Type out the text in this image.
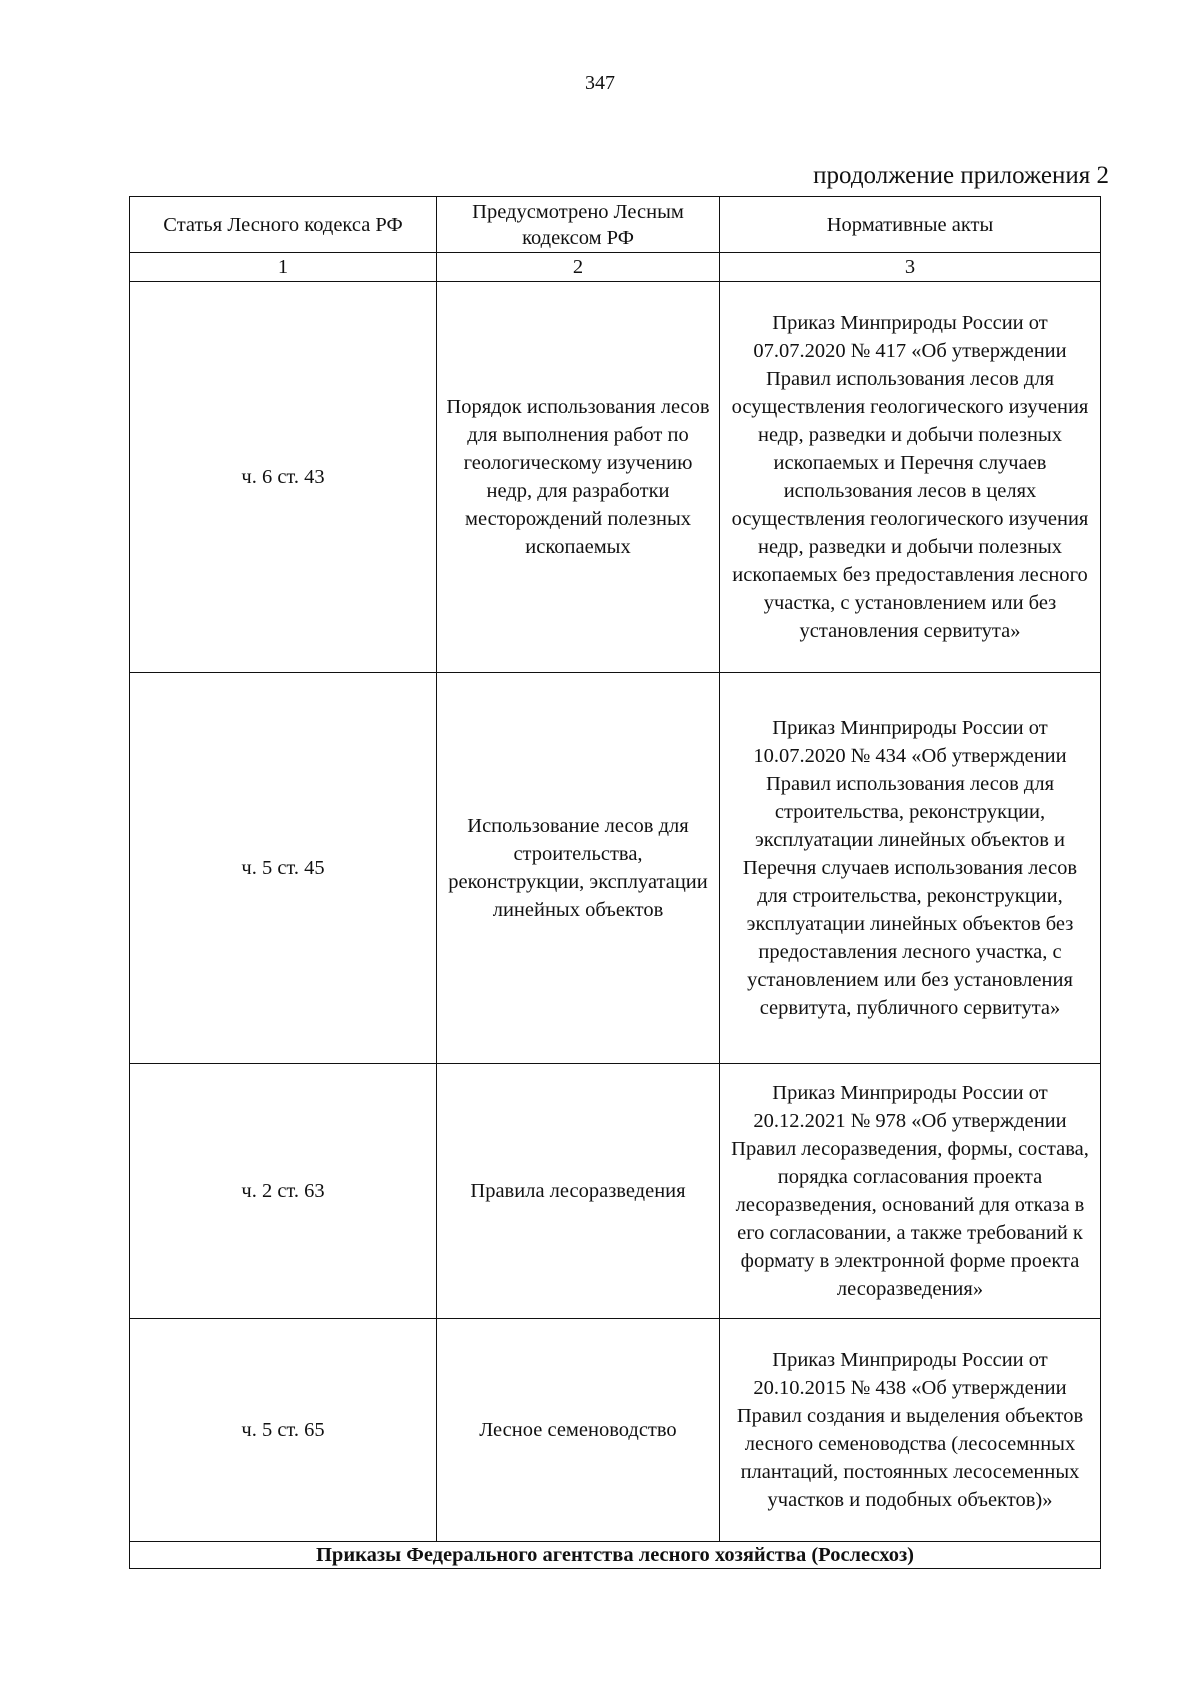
347
продолжение приложения 2
Статья Лесного кодекса РФ	Предусмотрено Лесным кодексом РФ	Нормативные акты
1	2	3
ч. 6 ст. 43	Порядок использования лесов для выполнения работ по геологическому изучению недр, для разработки месторождений полезных ископаемых	Приказ Минприроды России от 07.07.2020 № 417 «Об утверждении Правил использования лесов для осуществления геологического изучения недр, разведки и добычи полезных ископаемых и Перечня случаев использования лесов в целях осуществления геологического изучения недр, разведки и добычи полезных ископаемых без предоставления лесного участка, с установлением или без установления сервитута»
ч. 5 ст. 45	Использование лесов для строительства, реконструкции, эксплуатации линейных объектов	Приказ Минприроды России от 10.07.2020 № 434 «Об утверждении Правил использования лесов для строительства, реконструкции, эксплуатации линейных объектов и Перечня случаев использования лесов для строительства, реконструкции, эксплуатации линейных объектов без предоставления лесного участка, с установлением или без установления сервитута, публичного сервитута»
ч. 2 ст. 63	Правила лесоразведения	Приказ Минприроды России от 20.12.2021 № 978 «Об утверждении Правил лесоразведения, формы, состава, порядка согласования проекта лесоразведения, оснований для отказа в его согласовании, а также требований к формату в электронной форме проекта лесоразведения»
ч. 5 ст. 65	Лесное семеноводство	Приказ Минприроды России от 20.10.2015 № 438 «Об утверждении Правил создания и выделения объектов лесного семеноводства (лесосемнных плантаций, постоянных лесосеменных участков и подобных объектов)»
Приказы Федерального агентства лесного хозяйства (Рослесхоз)		
